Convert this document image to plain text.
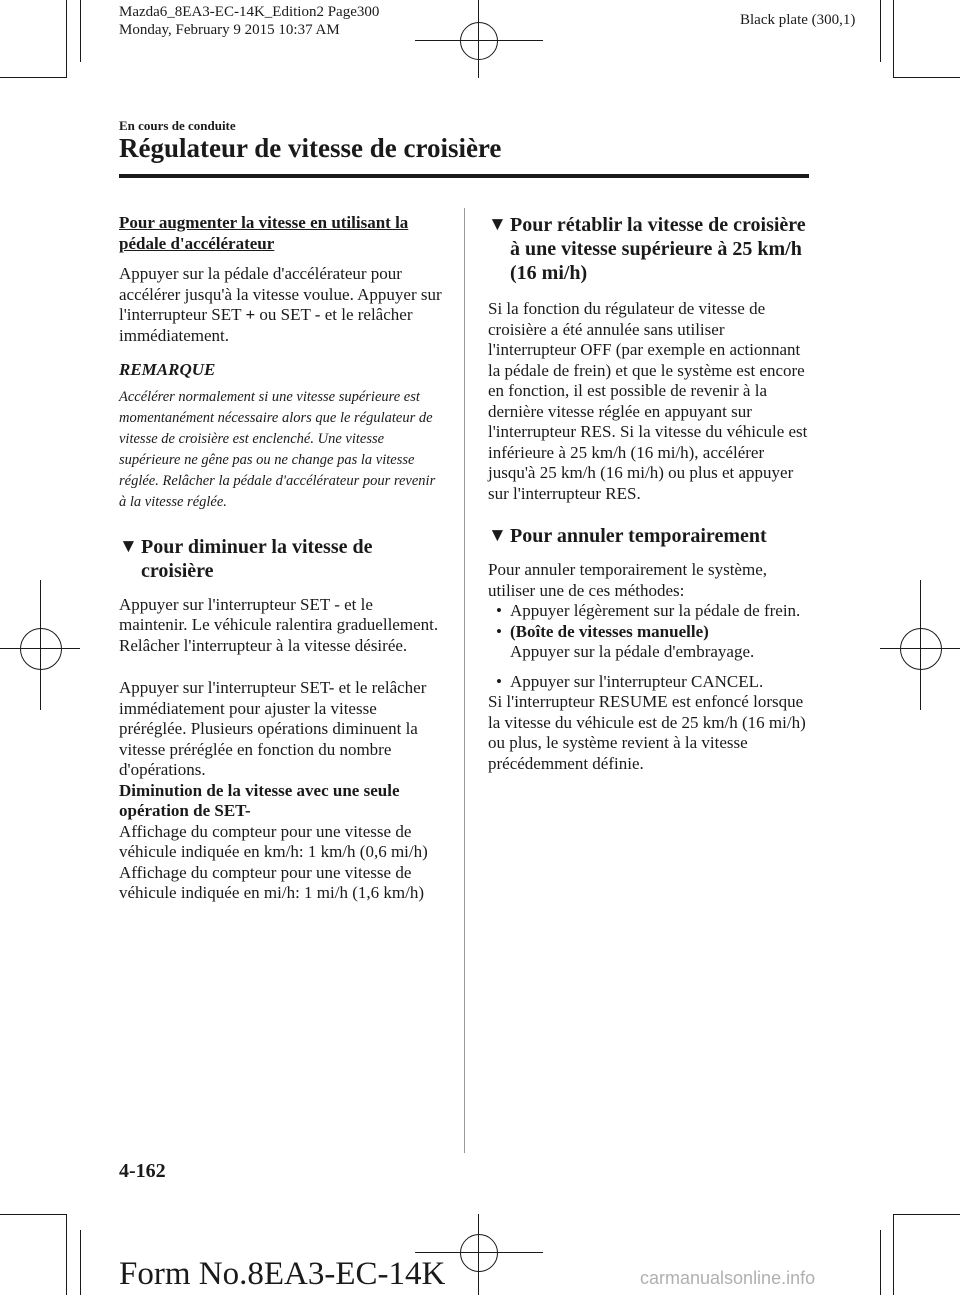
Mazda6_8EA3-EC-14K_Edition2 Page300
Monday, February 9 2015 10:37 AM
Black plate (300,1)
En cours de conduite
Régulateur de vitesse de croisière

Pour augmenter la vitesse en utilisant la pédale d'accélérateur

Appuyer sur la pédale d'accélérateur pour accélérer jusqu'à la vitesse voulue. Appuyer sur l'interrupteur SET + ou SET - et le relâcher immédiatement.

REMARQUE

Accélérer normalement si une vitesse supérieure est momentanément nécessaire alors que le régulateur de vitesse de croisière est enclenché. Une vitesse supérieure ne gêne pas ou ne change pas la vitesse réglée. Relâcher la pédale d'accélérateur pour revenir à la vitesse réglée.

▼ Pour diminuer la vitesse de croisière

Appuyer sur l'interrupteur SET - et le maintenir. Le véhicule ralentira graduellement.

Relâcher l'interrupteur à la vitesse désirée.

Appuyer sur l'interrupteur SET- et le relâcher immédiatement pour ajuster la vitesse préréglée. Plusieurs opérations diminuent la vitesse préréglée en fonction du nombre d'opérations.

Diminution de la vitesse avec une seule opération de SET-

Affichage du compteur pour une vitesse de véhicule indiquée en km/h: 1 km/h (0,6 mi/h)

Affichage du compteur pour une vitesse de véhicule indiquée en mi/h: 1 mi/h (1,6 km/h)

▼ Pour rétablir la vitesse de croisière à une vitesse supérieure à 25 km/h (16 mi/h)

Si la fonction du régulateur de vitesse de croisière a été annulée sans utiliser l'interrupteur OFF (par exemple en actionnant la pédale de frein) et que le système est encore en fonction, il est possible de revenir à la dernière vitesse réglée en appuyant sur l'interrupteur RES. Si la vitesse du véhicule est inférieure à 25 km/h (16 mi/h), accélérer jusqu'à 25 km/h (16 mi/h) ou plus et appuyer sur l'interrupteur RES.

▼ Pour annuler temporairement

Pour annuler temporairement le système, utiliser une de ces méthodes:

• Appuyer légèrement sur la pédale de frein.
• (Boîte de vitesses manuelle)

Appuyer sur la pédale d'embrayage.

• Appuyer sur l'interrupteur CANCEL.

Si l'interrupteur RESUME est enfoncé lorsque la vitesse du véhicule est de 25 km/h (16 mi/h) ou plus, le système revient à la vitesse précédemment définie.

4-162
Form No.8EA3-EC-14K	carmanualsonline.info
